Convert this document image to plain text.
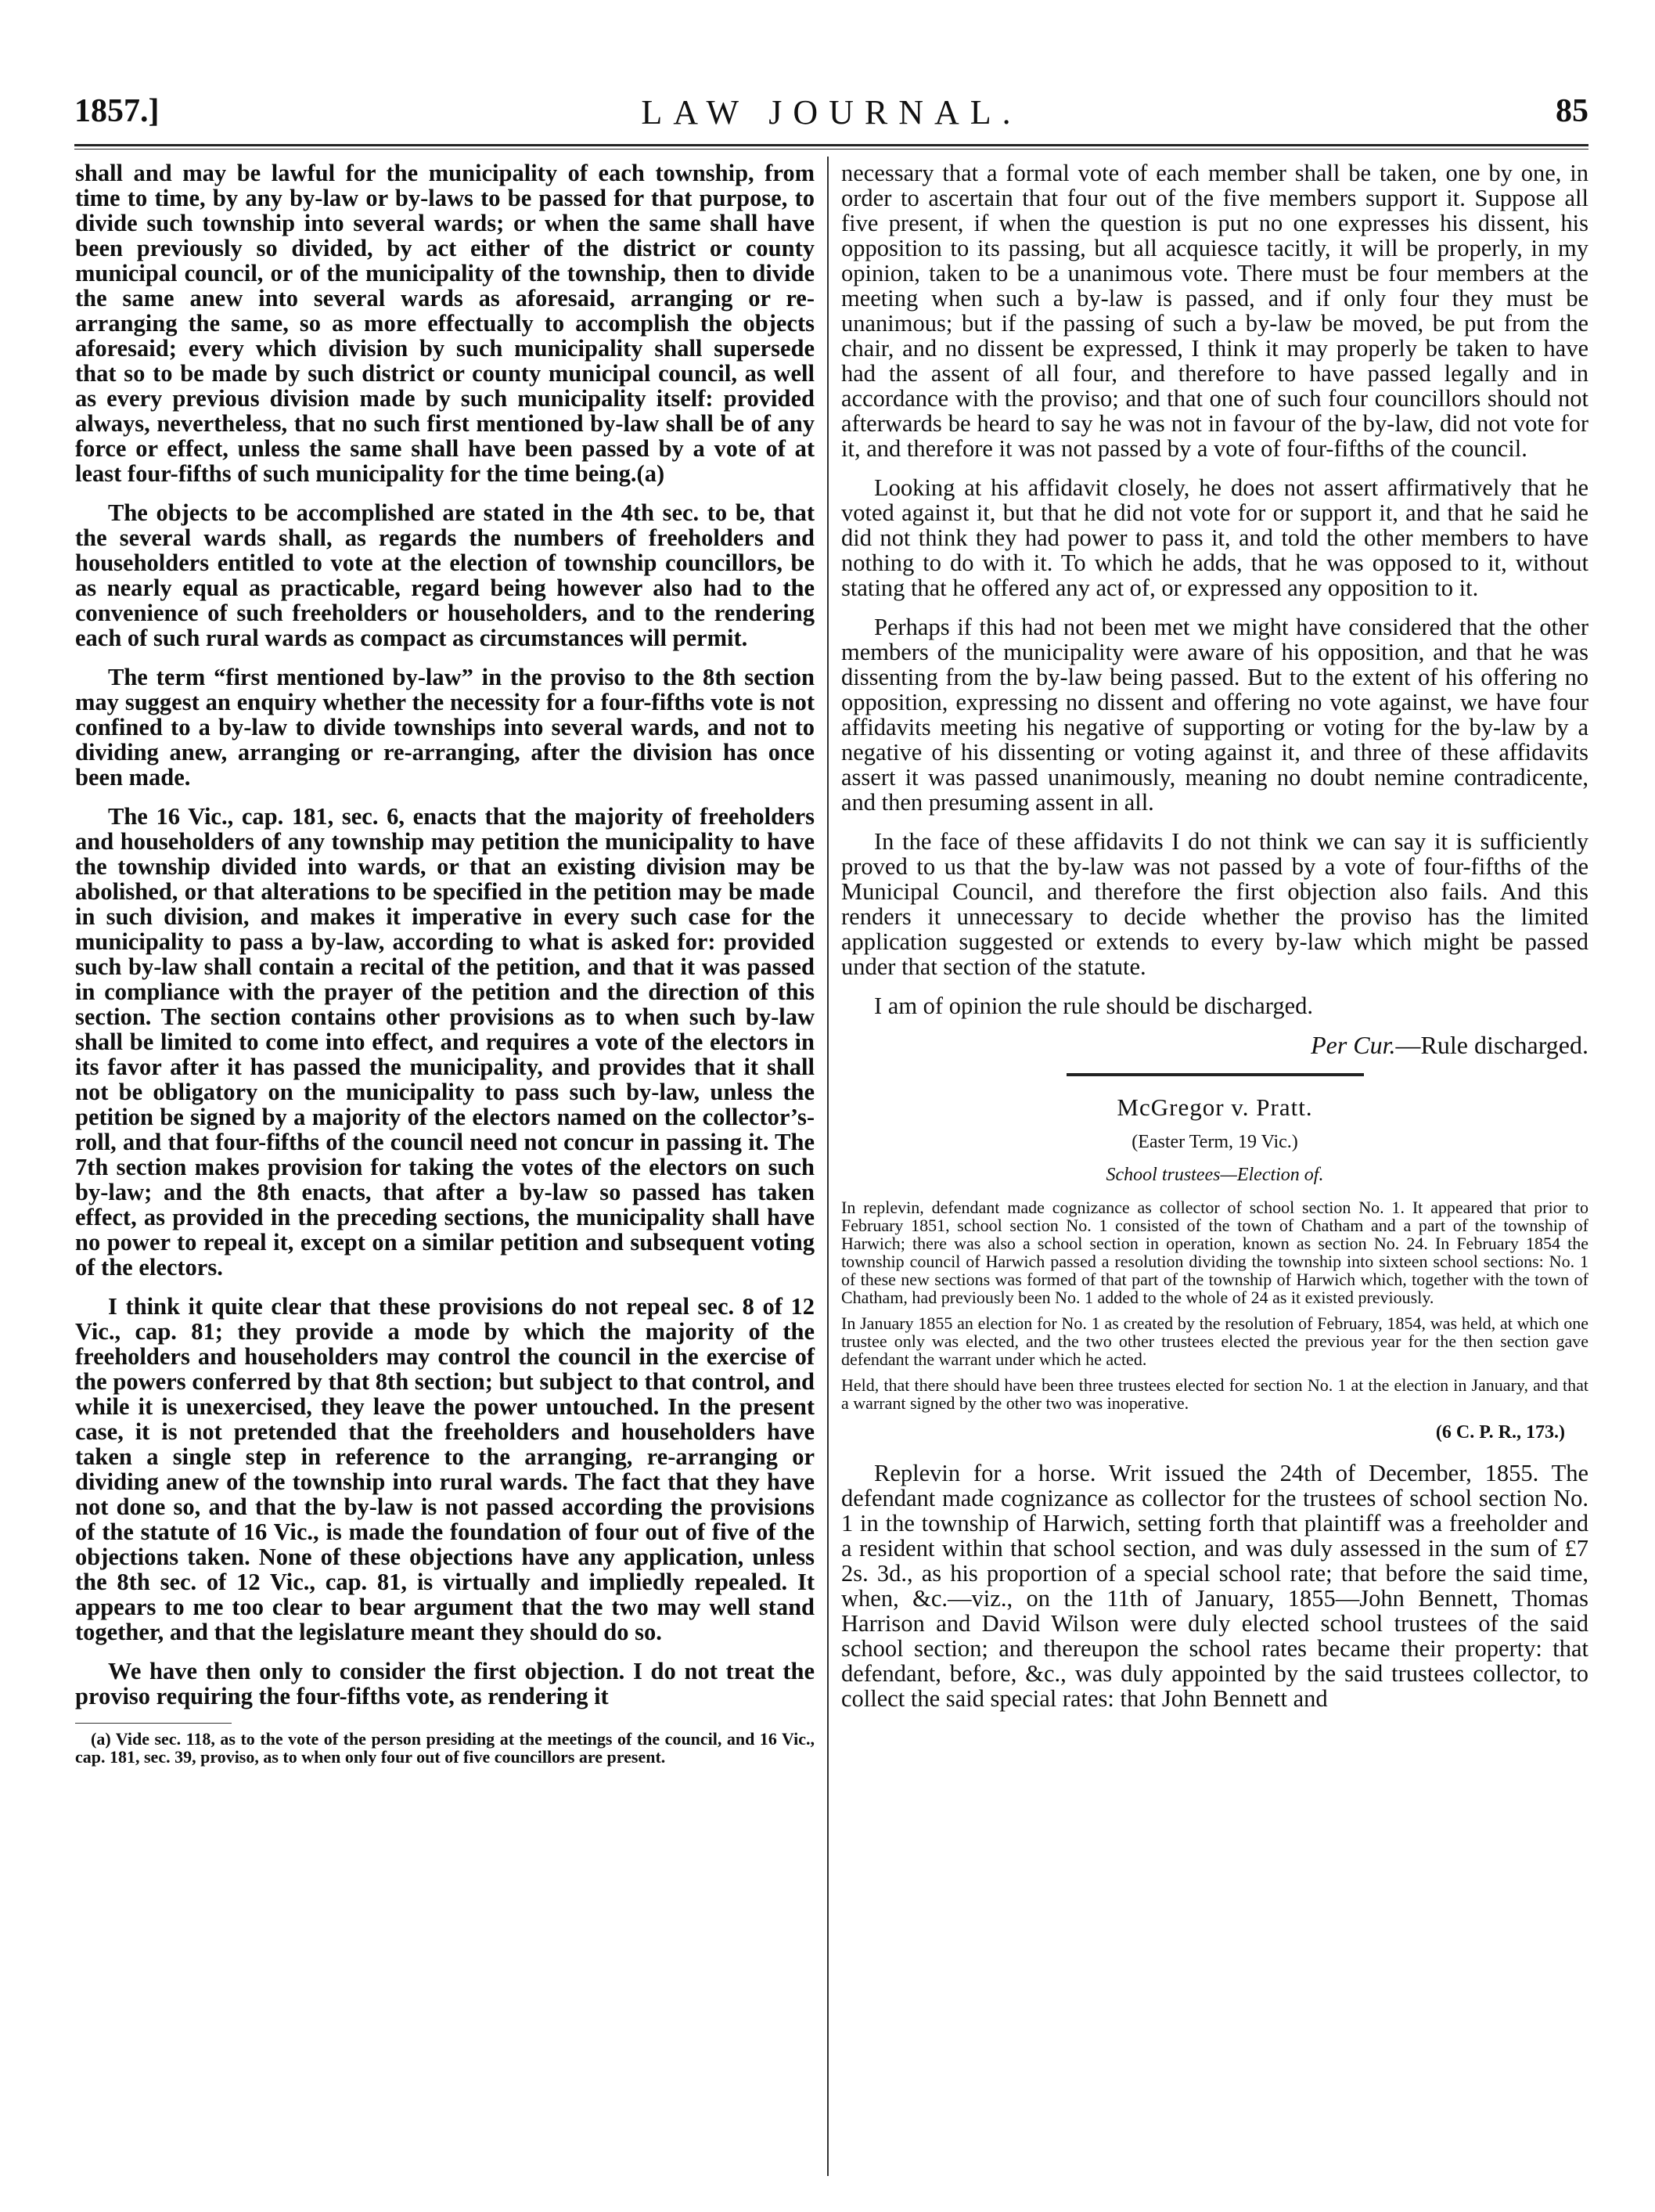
1857.]	LAW JOURNAL.	85

shall and may be lawful for the municipality of each township, from time to time, by any by-law or by-laws to be passed for that purpose, to divide such township into several wards; or when the same shall have been previously so divided, by act either of the district or county municipal council, or of the municipality of the township, then to divide the same anew into several wards as aforesaid, arranging or re-arranging the same, so as more effectually to accomplish the objects aforesaid; every which division by such municipality shall supersede that so to be made by such district or county municipal council, as well as every previous division made by such municipality itself: provided always, nevertheless, that no such first mentioned by-law shall be of any force or effect, unless the same shall have been passed by a vote of at least four-fifths of such municipality for the time being.(a)

The objects to be accomplished are stated in the 4th sec. to be, that the several wards shall, as regards the numbers of freeholders and householders entitled to vote at the election of township councillors, be as nearly equal as practicable, regard being however also had to the convenience of such freeholders or householders, and to the rendering each of such rural wards as compact as circumstances will permit.

The term “first mentioned by-law” in the proviso to the 8th section may suggest an enquiry whether the necessity for a four-fifths vote is not confined to a by-law to divide townships into several wards, and not to dividing anew, arranging or re-arranging, after the division has once been made.

The 16 Vic., cap. 181, sec. 6, enacts that the majority of freeholders and householders of any township may petition the municipality to have the township divided into wards, or that an existing division may be abolished, or that alterations to be specified in the petition may be made in such division, and makes it imperative in every such case for the municipality to pass a by-law, according to what is asked for: provided such by-law shall contain a recital of the petition, and that it was passed in compliance with the prayer of the petition and the direction of this section. The section contains other provisions as to when such by-law shall be limited to come into effect, and requires a vote of the electors in its favor after it has passed the municipality, and provides that it shall not be obligatory on the municipality to pass such by-law, unless the petition be signed by a majority of the electors named on the collector’s-roll, and that four-fifths of the council need not concur in passing it. The 7th section makes provision for taking the votes of the electors on such by-law; and the 8th enacts, that after a by-law so passed has taken effect, as provided in the preceding sections, the municipality shall have no power to repeal it, except on a similar petition and subsequent voting of the electors.

I think it quite clear that these provisions do not repeal sec. 8 of 12 Vic., cap. 81; they provide a mode by which the majority of the freeholders and householders may control the council in the exercise of the powers conferred by that 8th section; but subject to that control, and while it is unexercised, they leave the power untouched. In the present case, it is not pretended that the freeholders and householders have taken a single step in reference to the arranging, re-arranging or dividing anew of the township into rural wards. The fact that they have not done so, and that the by-law is not passed according the provisions of the statute of 16 Vic., is made the foundation of four out of five of the objections taken. None of these objections have any application, unless the 8th sec. of 12 Vic., cap. 81, is virtually and impliedly repealed. It appears to me too clear to bear argument that the two may well stand together, and that the legislature meant they should do so.

We have then only to consider the first objection. I do not treat the proviso requiring the four-fifths vote, as rendering it

(a) Vide sec. 118, as to the vote of the person presiding at the meetings of the council, and 16 Vic., cap. 181, sec. 39, proviso, as to when only four out of five councillors are present.

necessary that a formal vote of each member shall be taken, one by one, in order to ascertain that four out of the five members support it. Suppose all five present, if when the question is put no one expresses his dissent, his opposition to its passing, but all acquiesce tacitly, it will be properly, in my opinion, taken to be a unanimous vote. There must be four members at the meeting when such a by-law is passed, and if only four they must be unanimous; but if the passing of such a by-law be moved, be put from the chair, and no dissent be expressed, I think it may properly be taken to have had the assent of all four, and therefore to have passed legally and in accordance with the proviso; and that one of such four councillors should not afterwards be heard to say he was not in favour of the by-law, did not vote for it, and therefore it was not passed by a vote of four-fifths of the council.

Looking at his affidavit closely, he does not assert affirmatively that he voted against it, but that he did not vote for or support it, and that he said he did not think they had power to pass it, and told the other members to have nothing to do with it. To which he adds, that he was opposed to it, without stating that he offered any act of, or expressed any opposition to it.

Perhaps if this had not been met we might have considered that the other members of the municipality were aware of his opposition, and that he was dissenting from the by-law being passed. But to the extent of his offering no opposition, expressing no dissent and offering no vote against, we have four affidavits meeting his negative of supporting or voting for the by-law by a negative of his dissenting or voting against it, and three of these affidavits assert it was passed unanimously, meaning no doubt nemine contradicente, and then presuming assent in all.

In the face of these affidavits I do not think we can say it is sufficiently proved to us that the by-law was not passed by a vote of four-fifths of the Municipal Council, and therefore the first objection also fails. And this renders it unnecessary to decide whether the proviso has the limited application suggested or extends to every by-law which might be passed under that section of the statute.

I am of opinion the rule should be discharged.

Per Cur.—Rule discharged.
McGregor v. Pratt.
(Easter Term, 19 Vic.)
School trustees—Election of.

In replevin, defendant made cognizance as collector of school section No. 1. It appeared that prior to February 1851, school section No. 1 consisted of the town of Chatham and a part of the township of Harwich; there was also a school section in operation, known as section No. 24. In February 1854 the township council of Harwich passed a resolution dividing the township into sixteen school sections: No. 1 of these new sections was formed of that part of the township of Harwich which, together with the town of Chatham, had previously been No. 1 added to the whole of 24 as it existed previously.

In January 1855 an election for No. 1 as created by the resolution of February, 1854, was held, at which one trustee only was elected, and the two other trustees elected the previous year for the then section gave defendant the warrant under which he acted.

Held, that there should have been three trustees elected for section No. 1 at the election in January, and that a warrant signed by the other two was inoperative.

(6 C. P. R., 173.)

Replevin for a horse. Writ issued the 24th of December, 1855. The defendant made cognizance as collector for the trustees of school section No. 1 in the township of Harwich, setting forth that plaintiff was a freeholder and a resident within that school section, and was duly assessed in the sum of £7 2s. 3d., as his proportion of a special school rate; that before the said time, when, &c.—viz., on the 11th of January, 1855—John Bennett, Thomas Harrison and David Wilson were duly elected school trustees of the said school section; and thereupon the school rates became their property: that defendant, before, &c., was duly appointed by the said trustees collector, to collect the said special rates: that John Bennett and
